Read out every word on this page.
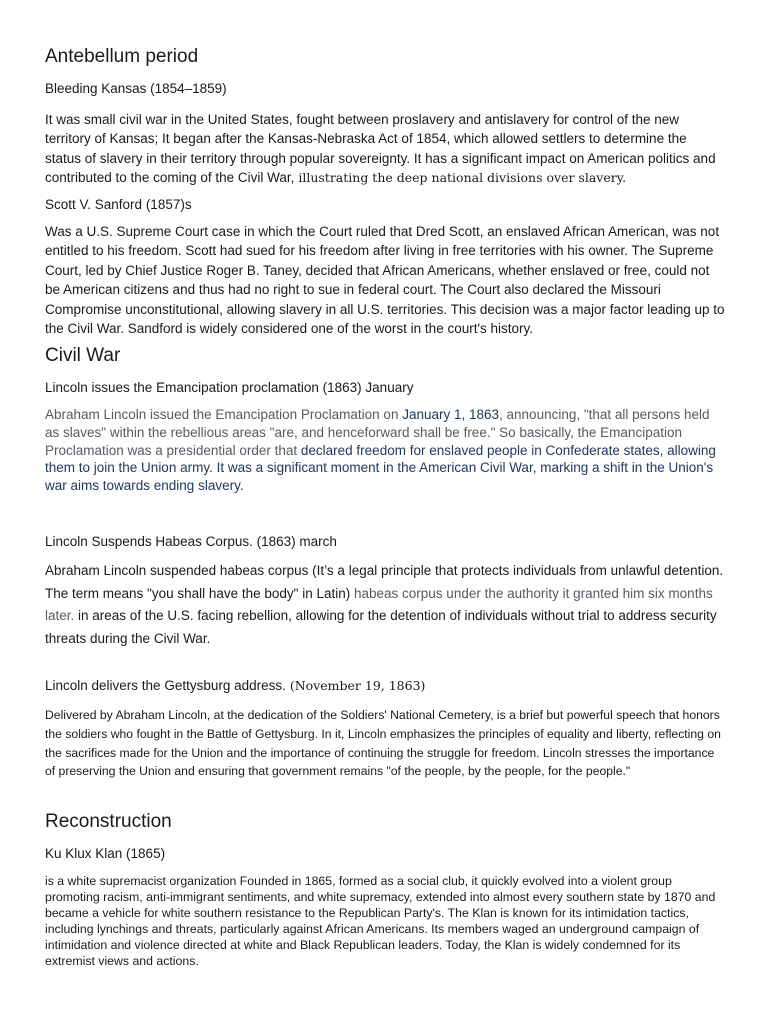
Antebellum period

Bleeding Kansas (1854–1859)

It was small civil war in the United States, fought between proslavery and antislavery for control of the new territory of Kansas; It began after the Kansas-Nebraska Act of 1854, which allowed settlers to determine the status of slavery in their territory through popular sovereignty. It has a significant impact on American politics and contributed to the coming of the Civil War, illustrating the deep national divisions over slavery.

Scott V. Sanford (1857)s

Was a U.S. Supreme Court case in which the Court ruled that Dred Scott, an enslaved African American, was not entitled to his freedom. Scott had sued for his freedom after living in free territories with his owner. The Supreme Court, led by Chief Justice Roger B. Taney, decided that African Americans, whether enslaved or free, could not be American citizens and thus had no right to sue in federal court. The Court also declared the Missouri Compromise unconstitutional, allowing slavery in all U.S. territories. This decision was a major factor leading up to the Civil War. Sandford is widely considered one of the worst in the court's history.

Civil War

Lincoln issues the Emancipation proclamation (1863) January

Abraham Lincoln issued the Emancipation Proclamation on January 1, 1863, announcing, "that all persons held as slaves" within the rebellious areas "are, and henceforward shall be free." So basically, the Emancipation Proclamation was a presidential order that declared freedom for enslaved people in Confederate states, allowing them to join the Union army. It was a significant moment in the American Civil War, marking a shift in the Union's war aims towards ending slavery.

Lincoln Suspends Habeas Corpus. (1863) march

Abraham Lincoln suspended habeas corpus (It’s a legal principle that protects individuals from unlawful detention. The term means "you shall have the body" in Latin) habeas corpus under the authority it granted him six months later. in areas of the U.S. facing rebellion, allowing for the detention of individuals without trial to address security threats during the Civil War.

Lincoln delivers the Gettysburg address. (November 19, 1863)

Delivered by Abraham Lincoln, at the dedication of the Soldiers' National Cemetery, is a brief but powerful speech that honors the soldiers who fought in the Battle of Gettysburg. In it, Lincoln emphasizes the principles of equality and liberty, reflecting on the sacrifices made for the Union and the importance of continuing the struggle for freedom. Lincoln stresses the importance of preserving the Union and ensuring that government remains "of the people, by the people, for the people."

Reconstruction

Ku Klux Klan (1865)

is a white supremacist organization Founded in 1865, formed as a social club, it quickly evolved into a violent group promoting racism, anti-immigrant sentiments, and white supremacy, extended into almost every southern state by 1870 and became a vehicle for white southern resistance to the Republican Party's. The Klan is known for its intimidation tactics, including lynchings and threats, particularly against African Americans. Its members waged an underground campaign of intimidation and violence directed at white and Black Republican leaders. Today, the Klan is widely condemned for its extremist views and actions.
